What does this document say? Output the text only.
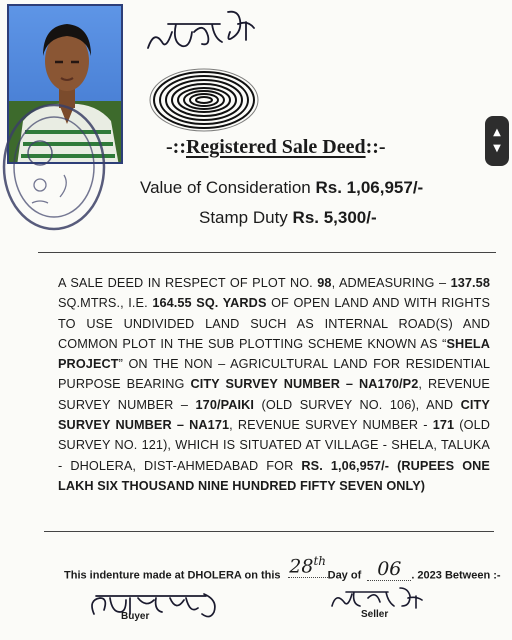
▲
▼
-::Registered Sale Deed::-
Value of Consideration Rs. 1,06,957/-
Stamp Duty Rs. 5,300/-

A SALE DEED IN RESPECT OF PLOT NO. 98, ADMEASURING – 137.58 SQ.MTRS., I.E. 164.55 SQ. YARDS OF OPEN LAND AND WITH RIGHTS TO USE UNDIVIDED LAND SUCH AS INTERNAL ROAD(S) AND COMMON PLOT IN THE SUB PLOTTING SCHEME KNOWN AS “SHELA PROJECT” ON THE NON – AGRICULTURAL LAND FOR RESIDENTIAL PURPOSE BEARING CITY SURVEY NUMBER – NA170/P2, REVENUE SURVEY NUMBER – 170/PAIKI (OLD SURVEY NO. 106), AND CITY SURVEY NUMBER – NA171, REVENUE SURVEY NUMBER - 171 (OLD SURVEY NO. 121), WHICH IS SITUATED AT VILLAGE - SHELA, TALUKA - DHOLERA, DIST-AHMEDABAD FOR RS. 1,06,957/- (RUPEES ONE LAKH SIX THOUSAND NINE HUNDRED FIFTY SEVEN ONLY)

This indenture made at DHOLERA on this 28thDay of 06 . 2023 Between :-
Buyer	Seller
